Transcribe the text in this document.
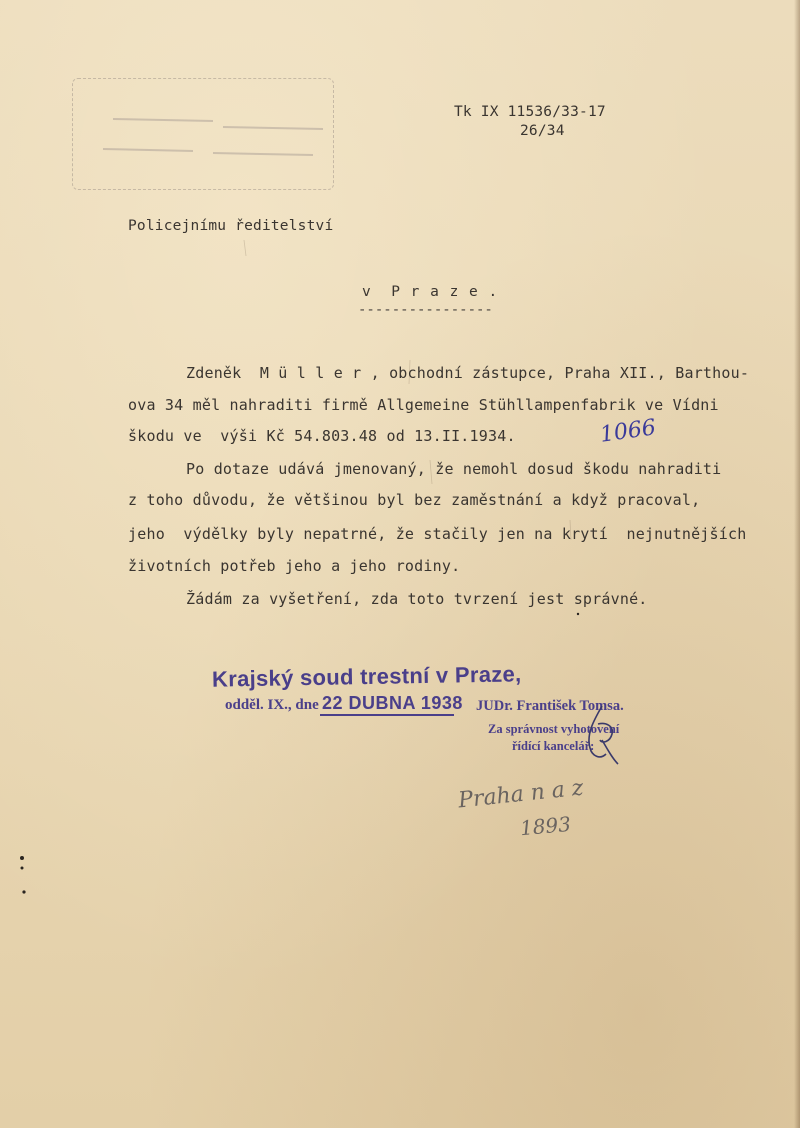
Tk IX 11536/33-17
26/34
Policejnímu ředitelství
v  P r a z e .
----------------
Zdeněk  M ü l l e r , obchodní zástupce, Praha XII., Barthou-
ova 34 měl nahraditi firmě Allgemeine Stühllampenfabrik ve Vídni
škodu ve  výši Kč 54.803.48 od 13.II.1934.
Po dotaze udává jmenovaný, že nemohl dosud škodu nahraditi
z toho důvodu, že většinou byl bez zaměstnání a když pracoval,
jeho  výdělky byly nepatrné, že stačily jen na krytí  nejnutnějších
životních potřeb jeho a jeho rodiny.
Žádám za vyšetření, zda toto tvrzení jest správné.
1066
Krajský soud trestní v Praze,
odděl. IX., dne 22 DUBNA 1938 JUDr. František Tomsa.
Za správnost vyhotovení
řídící kancelář:
Praha n a z
1893
